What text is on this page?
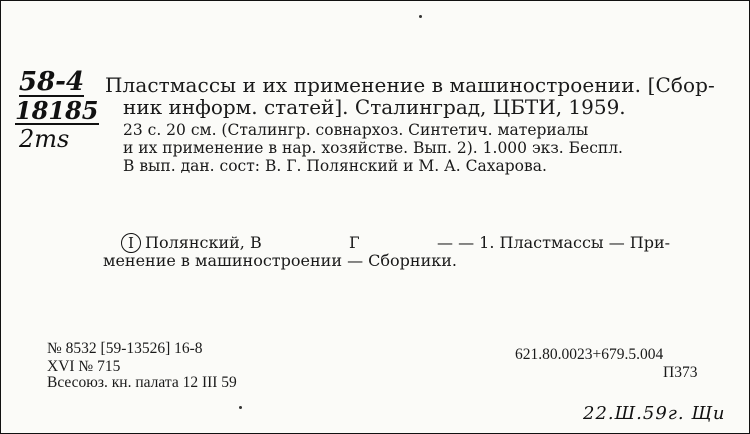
58-4
18185
2ms
Пластмассы и их применение в машиностроении. [Сбор-
ник информ. статей]. Сталинград, ЦБТИ, 1959.
23 с. 20 см. (Сталингр. совнархоз. Синтетич. материалы
и их применение в нар. хозяйстве. Вып. 2). 1.000 экз. Беспл.
В вып. дан. сост: В. Г. Полянский и М. А. Сахарова.
I Полянский, В	Г	— — 1. Пластмассы — При-
менение в машиностроении — Сборники.
№ 8532 [59-13526] 16-8
XVI № 715
Всесоюз. кн. палата 12 III 59
621.80.0023+679.5.004
П373
22.Ш.59г. Щи
